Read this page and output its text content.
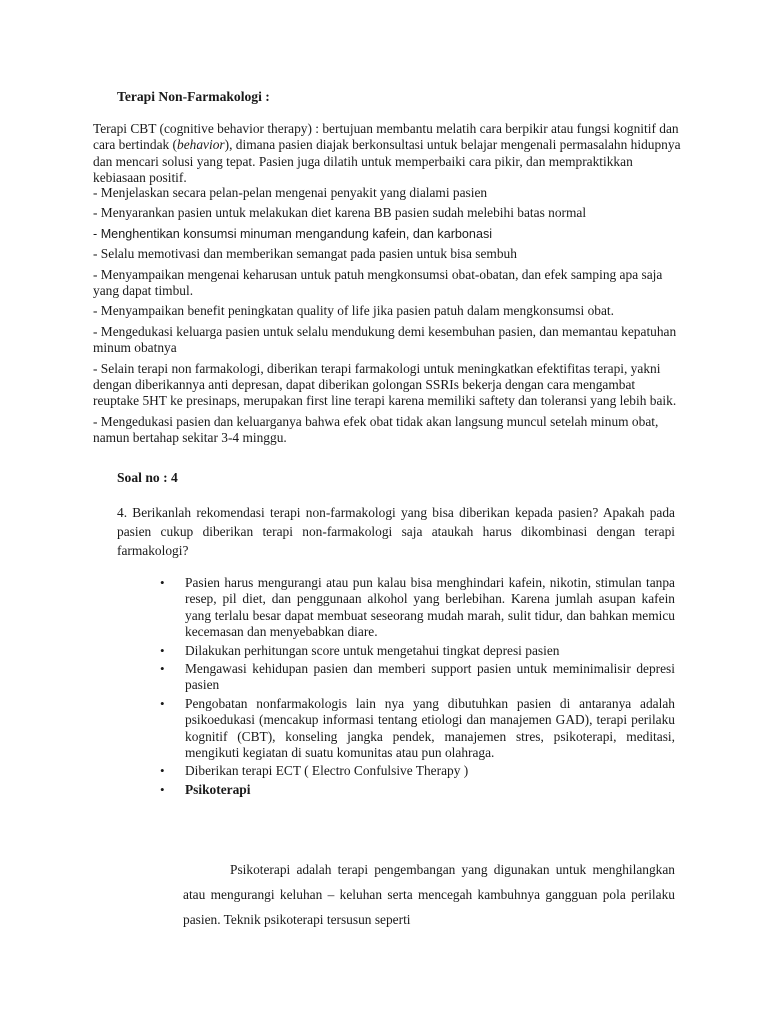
Terapi Non-Farmakologi :

Terapi CBT (cognitive behavior therapy) : bertujuan membantu melatih cara berpikir atau fungsi kognitif dan cara bertindak (behavior), dimana pasien diajak berkonsultasi untuk belajar mengenali permasalahn hidupnya dan mencari solusi yang tepat. Pasien juga dilatih untuk memperbaiki cara pikir, dan mempraktikkan kebiasaan positif.

- Menjelaskan secara pelan-pelan mengenai penyakit yang dialami pasien

- Menyarankan pasien untuk melakukan diet karena BB pasien sudah melebihi batas normal

- Menghentikan konsumsi minuman mengandung kafein, dan karbonasi

- Selalu memotivasi dan memberikan semangat pada pasien untuk bisa sembuh

- Menyampaikan mengenai keharusan untuk patuh mengkonsumsi obat-obatan, dan efek samping apa saja yang dapat timbul.

- Menyampaikan benefit peningkatan quality of life jika pasien patuh dalam mengkonsumsi obat.

- Mengedukasi keluarga pasien untuk selalu mendukung demi kesembuhan pasien, dan memantau kepatuhan minum obatnya

- Selain terapi non farmakologi, diberikan terapi farmakologi untuk meningkatkan efektifitas terapi, yakni dengan diberikannya anti depresan, dapat diberikan golongan SSRIs bekerja dengan cara mengambat reuptake 5HT ke presinaps, merupakan first line terapi karena memiliki saftety dan toleransi yang lebih baik.

- Mengedukasi pasien dan keluarganya bahwa efek obat tidak akan langsung muncul setelah minum obat, namun bertahap sekitar 3-4 minggu.

Soal no : 4
4. Berikanlah rekomendasi terapi non-farmakologi yang bisa diberikan kepada pasien? Apakah pada pasien cukup diberikan terapi non-farmakologi saja ataukah harus dikombinasi dengan terapi farmakologi?
• Pasien harus mengurangi atau pun kalau bisa menghindari kafein, nikotin, stimulan tanpa resep, pil diet, dan penggunaan alkohol yang berlebihan. Karena jumlah asupan kafein yang terlalu besar dapat membuat seseorang mudah marah, sulit tidur, dan bahkan memicu kecemasan dan menyebabkan diare.
• Dilakukan perhitungan score untuk mengetahui tingkat depresi pasien
• Mengawasi kehidupan pasien dan memberi support pasien untuk meminimalisir depresi pasien
• Pengobatan nonfarmakologis lain nya yang dibutuhkan pasien di antaranya adalah psikoedukasi (mencakup informasi tentang etiologi dan manajemen GAD), terapi perilaku kognitif (CBT), konseling jangka pendek, manajemen stres, psikoterapi, meditasi, mengikuti kegiatan di suatu komunitas atau pun olahraga.
• Diberikan terapi ECT ( Electro Confulsive Therapy )
• Psikoterapi
Psikoterapi adalah terapi pengembangan yang digunakan untuk menghilangkan atau mengurangi keluhan – keluhan serta mencegah kambuhnya gangguan pola perilaku pasien. Teknik psikoterapi tersusun seperti
